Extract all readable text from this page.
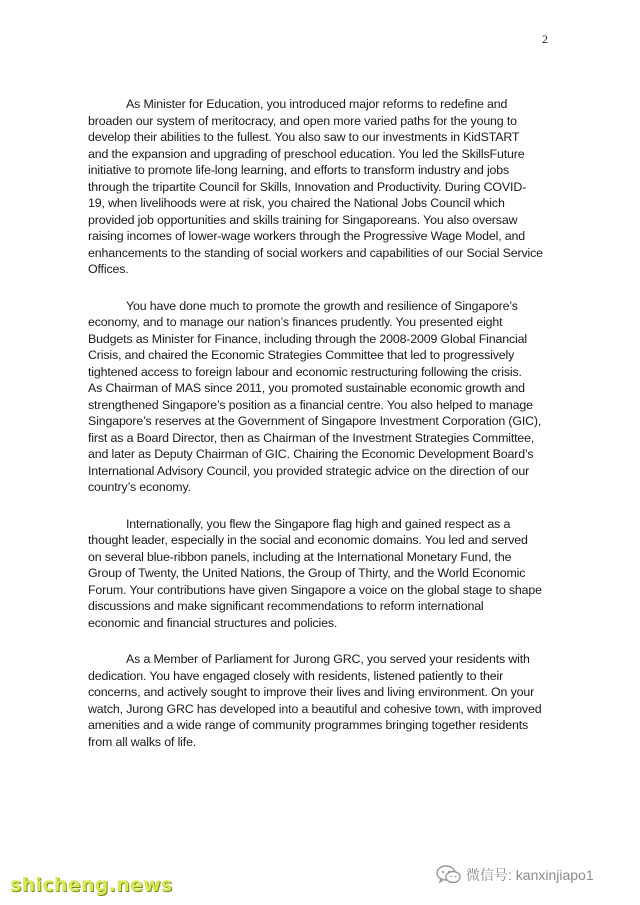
2

As Minister for Education, you introduced major reforms to redefine and
broaden our system of meritocracy, and open more varied paths for the young to
develop their abilities to the fullest. You also saw to our investments in KidSTART
and the expansion and upgrading of preschool education. You led the SkillsFuture
initiative to promote life-long learning, and efforts to transform industry and jobs
through the tripartite Council for Skills, Innovation and Productivity. During COVID-
19, when livelihoods were at risk, you chaired the National Jobs Council which
provided job opportunities and skills training for Singaporeans. You also oversaw
raising incomes of lower-wage workers through the Progressive Wage Model, and
enhancements to the standing of social workers and capabilities of our Social Service
Offices.

You have done much to promote the growth and resilience of Singapore’s
economy, and to manage our nation’s finances prudently. You presented eight
Budgets as Minister for Finance, including through the 2008-2009 Global Financial
Crisis, and chaired the Economic Strategies Committee that led to progressively
tightened access to foreign labour and economic restructuring following the crisis.
As Chairman of MAS since 2011, you promoted sustainable economic growth and
strengthened Singapore’s position as a financial centre. You also helped to manage
Singapore’s reserves at the Government of Singapore Investment Corporation (GIC),
first as a Board Director, then as Chairman of the Investment Strategies Committee,
and later as Deputy Chairman of GIC. Chairing the Economic Development Board’s
International Advisory Council, you provided strategic advice on the direction of our
country’s economy.

Internationally, you flew the Singapore flag high and gained respect as a
thought leader, especially in the social and economic domains. You led and served
on several blue-ribbon panels, including at the International Monetary Fund, the
Group of Twenty, the United Nations, the Group of Thirty, and the World Economic
Forum. Your contributions have given Singapore a voice on the global stage to shape
discussions and make significant recommendations to reform international
economic and financial structures and policies.

As a Member of Parliament for Jurong GRC, you served your residents with
dedication. You have engaged closely with residents, listened patiently to their
concerns, and actively sought to improve their lives and living environment. On your
watch, Jurong GRC has developed into a beautiful and cohesive town, with improved
amenities and a wide range of community programmes bringing together residents
from all walks of life.

微信号: kanxinjiapo1
shicheng.news
